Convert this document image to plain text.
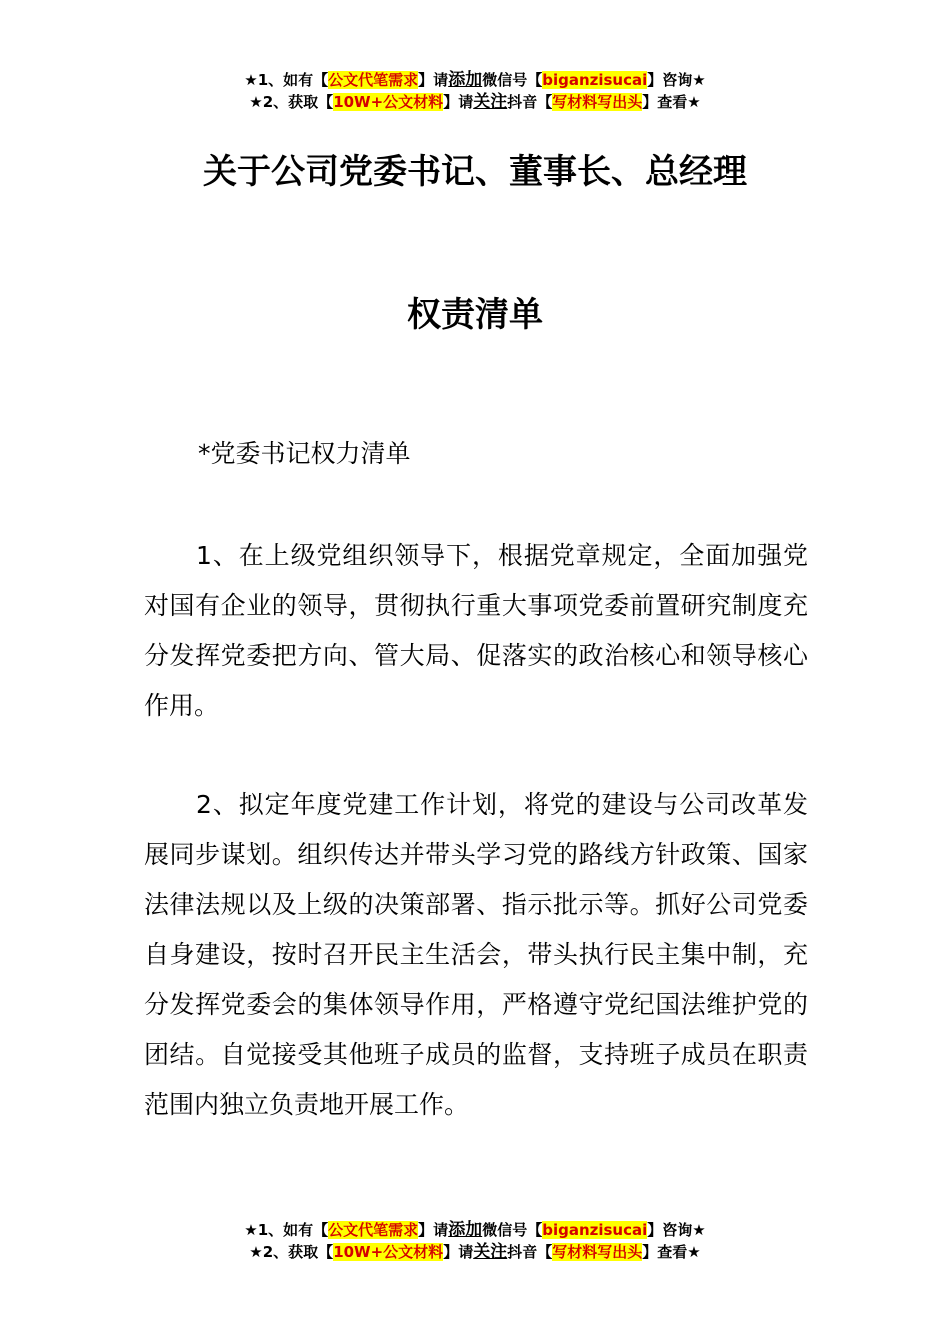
★1、如有【公文代笔需求】请添加微信号【biganzisucai】咨询★
★2、获取【10W+公文材料】请关注抖音【写材料写出头】查看★
关于公司党委书记、董事长、总经理
权责清单
*党委书记权力清单
1、在上级党组织领导下，根据党章规定，全面加强党对国有企业的领导，贯彻执行重大事项党委前置研究制度充分发挥党委把方向、管大局、促落实的政治核心和领导核心作用。
2、拟定年度党建工作计划，将党的建设与公司改革发展同步谋划。组织传达并带头学习党的路线方针政策、国家法律法规以及上级的决策部署、指示批示等。抓好公司党委自身建设，按时召开民主生活会，带头执行民主集中制，充分发挥党委会的集体领导作用，严格遵守党纪国法维护党的团结。自觉接受其他班子成员的监督，支持班子成员在职责范围内独立负责地开展工作。
★1、如有【公文代笔需求】请添加微信号【biganzisucai】咨询★
★2、获取【10W+公文材料】请关注抖音【写材料写出头】查看★
